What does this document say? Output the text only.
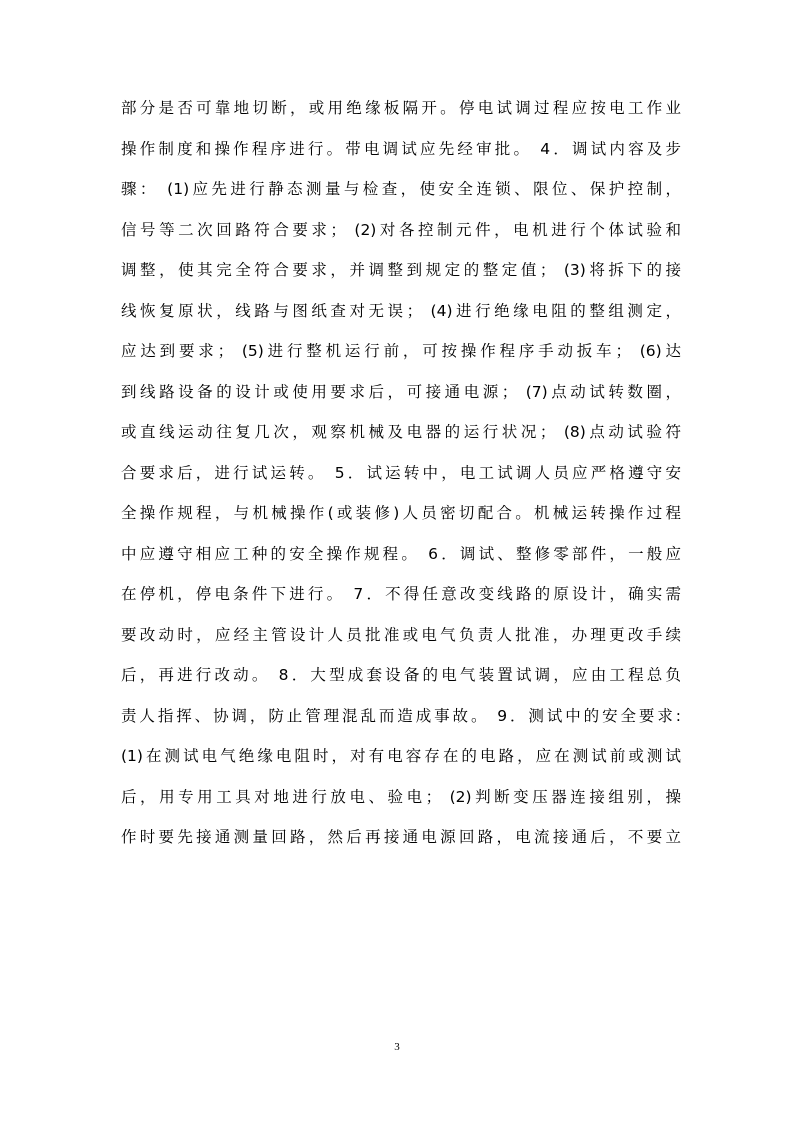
部分是否可靠地切断，或用绝缘板隔开。停电试调过程应按电工作业
操作制度和操作程序进行。带电调试应先经审批。 4．调试内容及步
骤： (1)应先进行静态测量与检查，使安全连锁、限位、保护控制，
信号等二次回路符合要求； (2)对各控制元件，电机进行个体试验和
调整，使其完全符合要求，并调整到规定的整定值； (3)将拆下的接
线恢复原状，线路与图纸查对无误； (4)进行绝缘电阻的整组测定，
应达到要求； (5)进行整机运行前，可按操作程序手动扳车； (6)达
到线路设备的设计或使用要求后，可接通电源； (7)点动试转数圈，
或直线运动往复几次，观察机械及电器的运行状况； (8)点动试验符
合要求后，进行试运转。 5．试运转中，电工试调人员应严格遵守安
全操作规程，与机械操作(或装修)人员密切配合。机械运转操作过程
中应遵守相应工种的安全操作规程。 6．调试、整修零部件，一般应
在停机，停电条件下进行。 7．不得任意改变线路的原设计，确实需
要改动时，应经主管设计人员批准或电气负责人批准，办理更改手续
后，再进行改动。 8．大型成套设备的电气装置试调，应由工程总负
责人指挥、协调，防止管理混乱而造成事故。 9．测试中的安全要求:
(1)在测试电气绝缘电阻时，对有电容存在的电路，应在测试前或测试
后，用专用工具对地进行放电、验电； (2)判断变压器连接组别，操
作时要先接通测量回路，然后再接通电源回路，电流接通后，不要立
3
